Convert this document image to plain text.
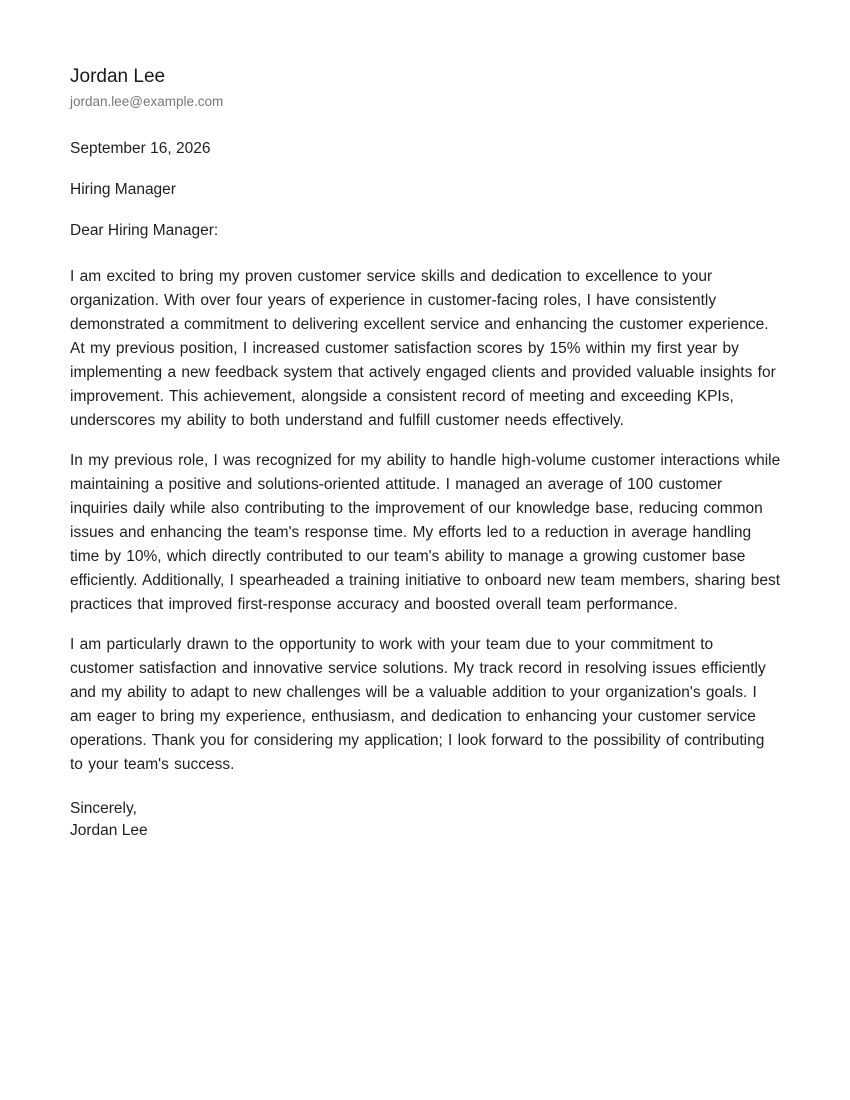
Jordan Lee
jordan.lee@example.com
September 16, 2026
Hiring Manager
Dear Hiring Manager:

I am excited to bring my proven customer service skills and dedication to excellence to your organization. With over four years of experience in customer-facing roles, I have consistently demonstrated a commitment to delivering excellent service and enhancing the customer experience. At my previous position, I increased customer satisfaction scores by 15% within my first year by implementing a new feedback system that actively engaged clients and provided valuable insights for improvement. This achievement, alongside a consistent record of meeting and exceeding KPIs, underscores my ability to both understand and fulfill customer needs effectively.

In my previous role, I was recognized for my ability to handle high-volume customer interactions while maintaining a positive and solutions-oriented attitude. I managed an average of 100 customer inquiries daily while also contributing to the improvement of our knowledge base, reducing common issues and enhancing the team's response time. My efforts led to a reduction in average handling time by 10%, which directly contributed to our team's ability to manage a growing customer base efficiently. Additionally, I spearheaded a training initiative to onboard new team members, sharing best practices that improved first-response accuracy and boosted overall team performance.

I am particularly drawn to the opportunity to work with your team due to your commitment to customer satisfaction and innovative service solutions. My track record in resolving issues efficiently and my ability to adapt to new challenges will be a valuable addition to your organization's goals. I am eager to bring my experience, enthusiasm, and dedication to enhancing your customer service operations. Thank you for considering my application; I look forward to the possibility of contributing to your team's success.

Sincerely,
Jordan Lee
